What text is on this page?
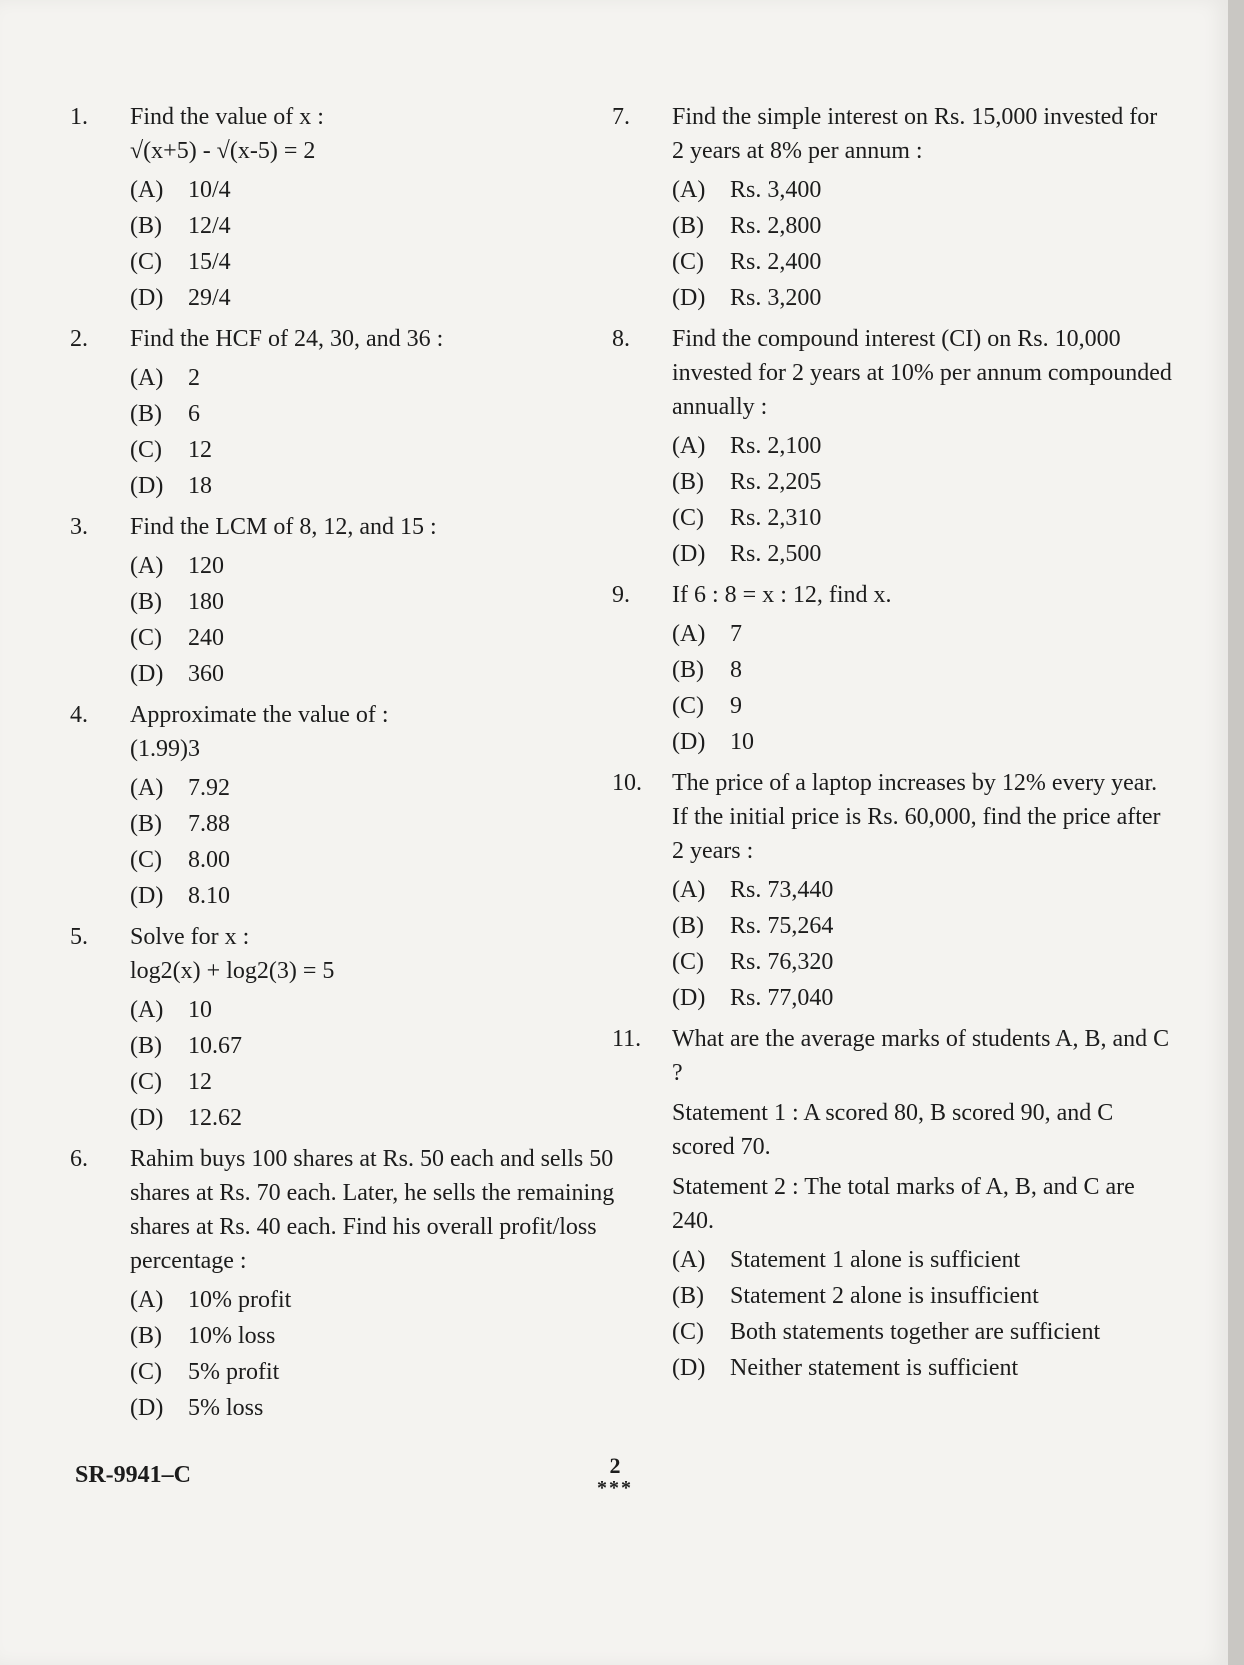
1.	Find the value of x :

√(x+5) - √(x-5) = 2

(A)	10/4
(B)	12/4
(C)	15/4
(D)	29/4
2.	Find the HCF of 24, 30, and 36 :

(A)	2
(B)	6
(C)	12
(D)	18
3.	Find the LCM of 8, 12, and 15 :

(A)	120
(B)	180
(C)	240
(D)	360
4.	Approximate the value of :

(1.99)3

(A)	7.92
(B)	7.88
(C)	8.00
(D)	8.10
5.	Solve for x :

log2(x) + log2(3) = 5

(A)	10
(B)	10.67
(C)	12
(D)	12.62
6.	Rahim buys 100 shares at Rs. 50 each and sells 50 shares at Rs. 70 each. Later, he sells the remaining shares at Rs. 40 each. Find his overall profit/loss percentage :

(A)	10% profit
(B)	10% loss
(C)	5% profit
(D)	5% loss
7.	Find the simple interest on Rs. 15,000 invested for 2 years at 8% per annum :

(A)	Rs. 3,400
(B)	Rs. 2,800
(C)	Rs. 2,400
(D)	Rs. 3,200
8.	Find the compound interest (CI) on Rs. 10,000 invested for 2 years at 10% per annum compounded annually :

(A)	Rs. 2,100
(B)	Rs. 2,205
(C)	Rs. 2,310
(D)	Rs. 2,500
9.	If 6 : 8 = x : 12, find x.

(A)	7
(B)	8
(C)	9
(D)	10
10.	The price of a laptop increases by 12% every year. If the initial price is Rs. 60,000, find the price after 2 years :

(A)	Rs. 73,440
(B)	Rs. 75,264
(C)	Rs. 76,320
(D)	Rs. 77,040
11.	What are the average marks of students A, B, and C ?

Statement 1 : A scored 80, B scored 90, and C scored 70.

Statement 2 : The total marks of A, B, and C are 240.

(A)	Statement 1 alone is sufficient
(B)	Statement 2 alone is insufficient
(C)	Both statements together are sufficient
(D)	Neither statement is sufficient
SR-9941–C	2
***
